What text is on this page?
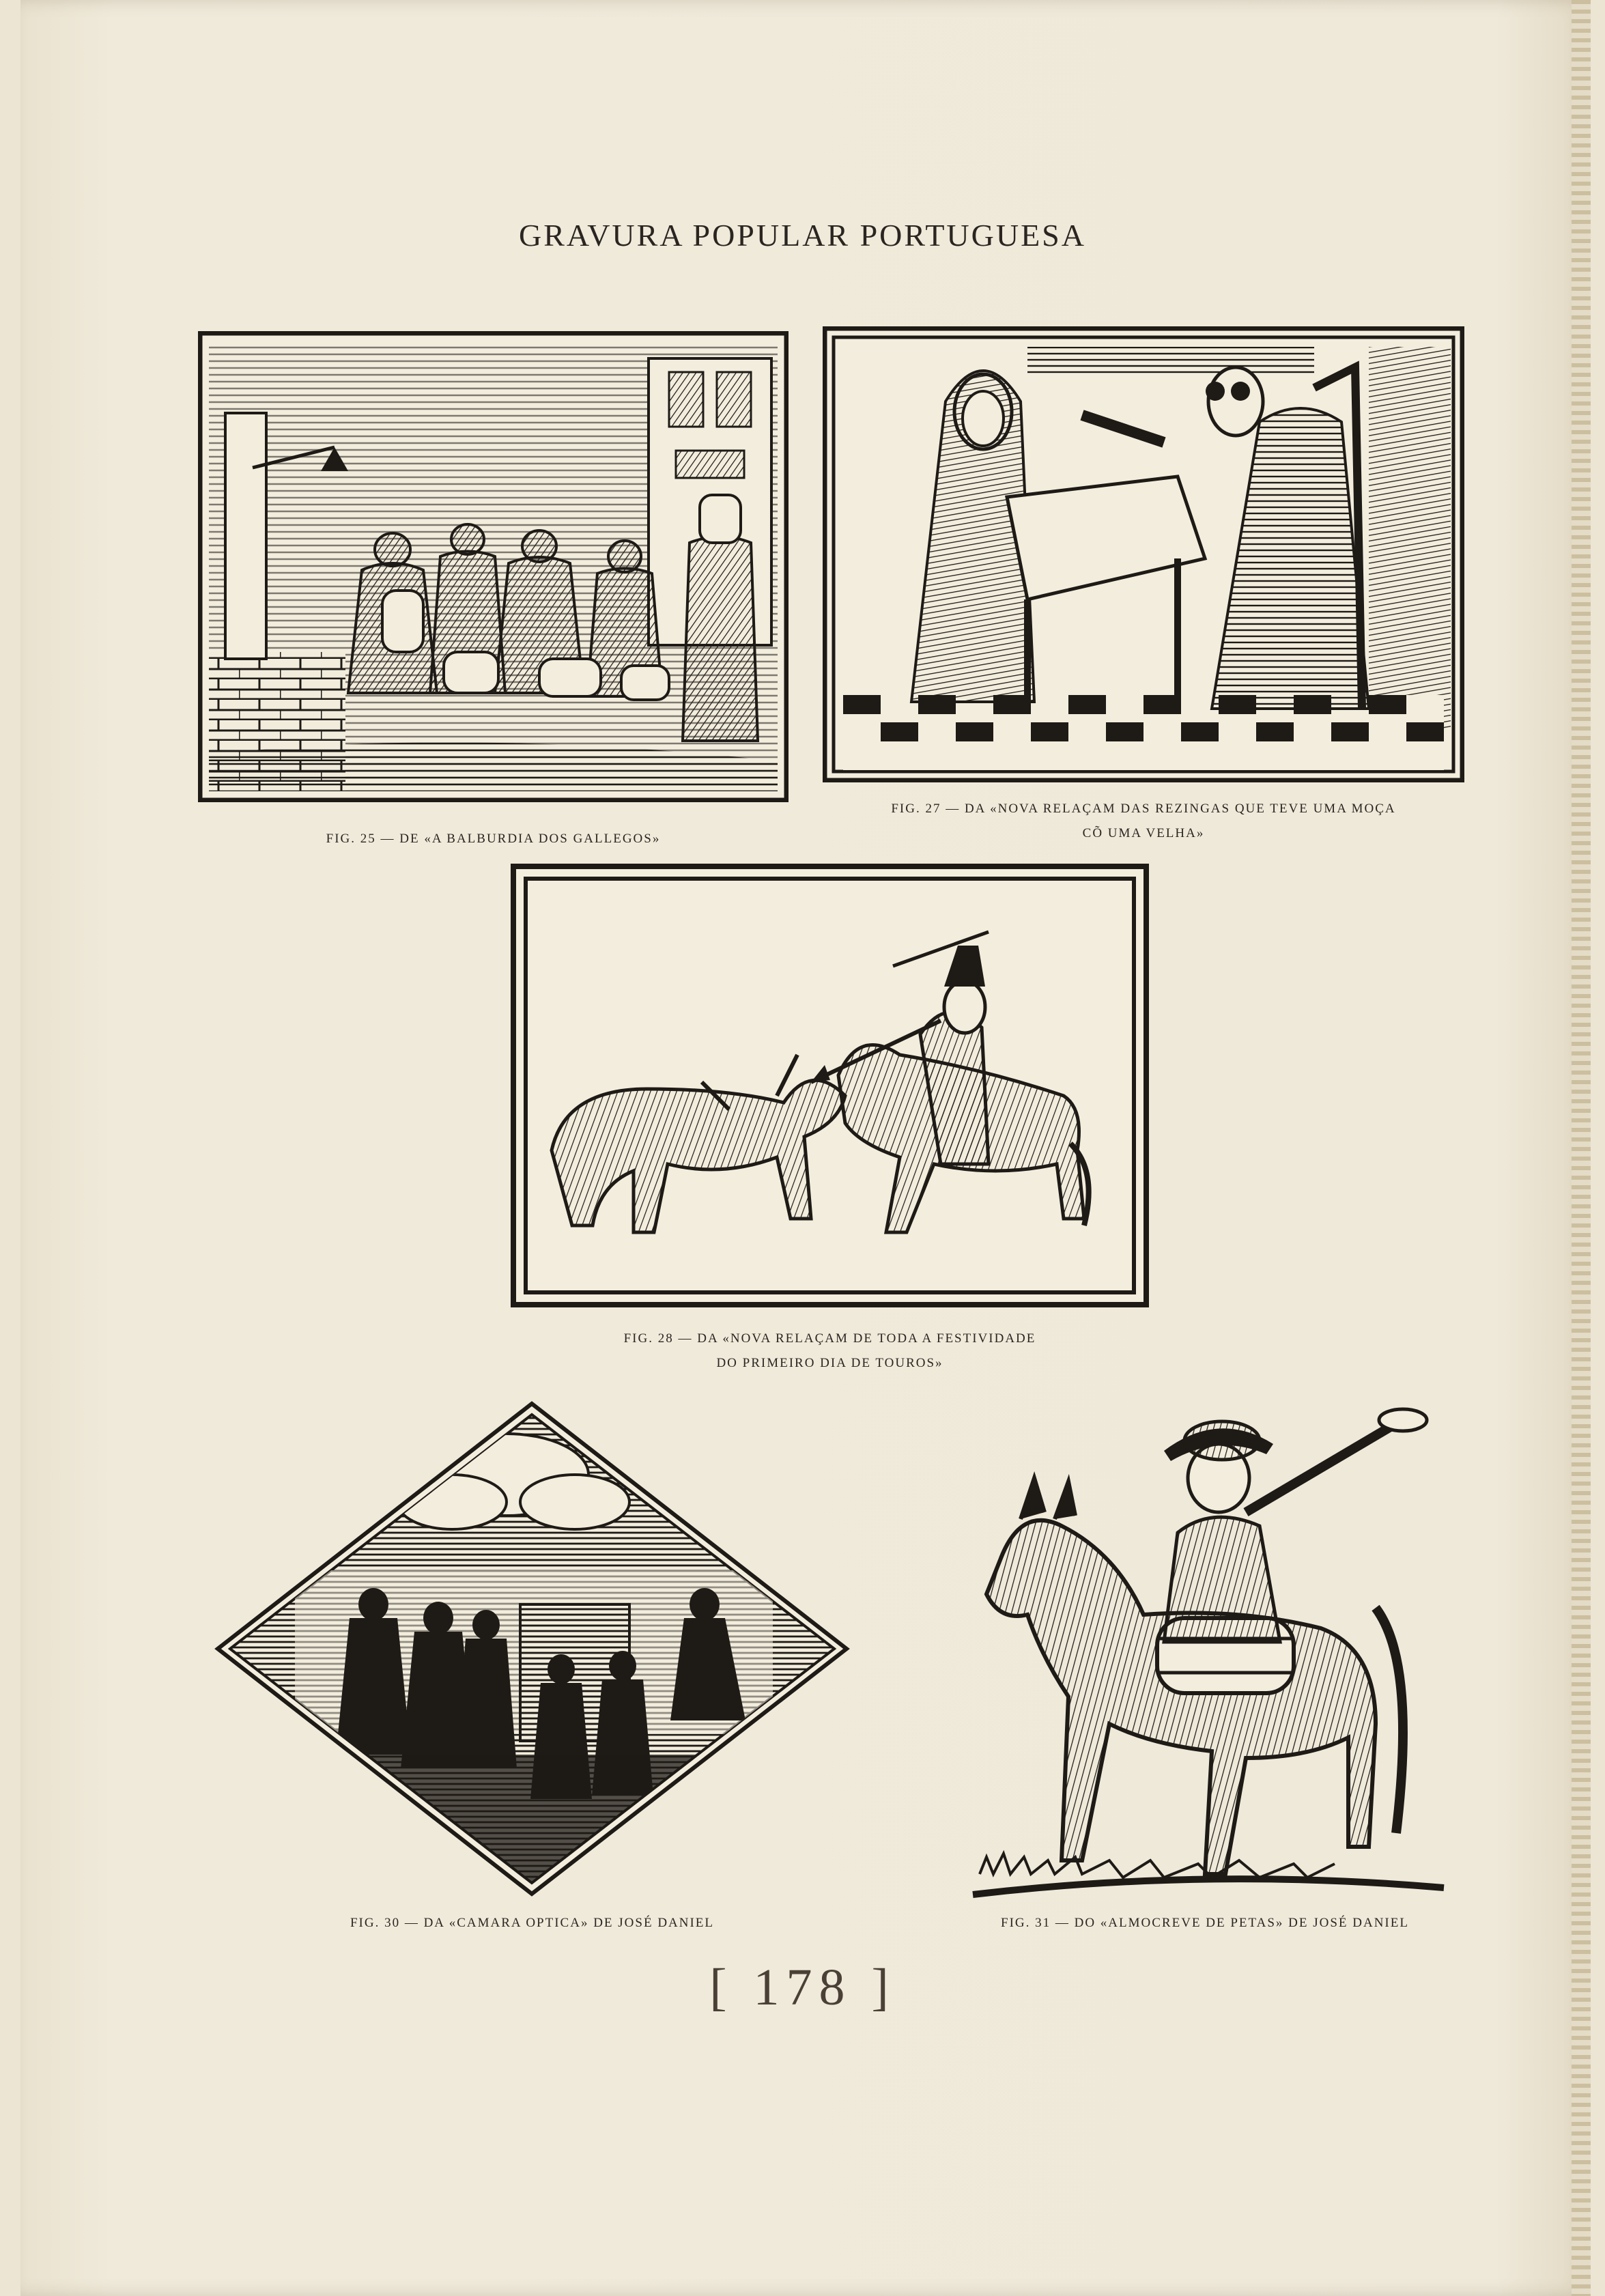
GRAVURA POPULAR PORTUGUESA
FIG. 25 — DE «A BALBURDIA DOS GALLEGOS»
FIG. 27 — DA «NOVA RELAÇAM DAS REZINGAS QUE TEVE UMA MOÇA
CÕ UMA VELHA»
FIG. 28 — DA «NOVA RELAÇAM DE TODA A FESTIVIDADE
DO PRIMEIRO DIA DE TOUROS»
FIG. 30 — DA «CAMARA OPTICA» DE JOSÉ DANIEL	FIG. 31 — DO «ALMOCREVE DE PETAS» DE JOSÉ DANIEL
[ 178 ]
